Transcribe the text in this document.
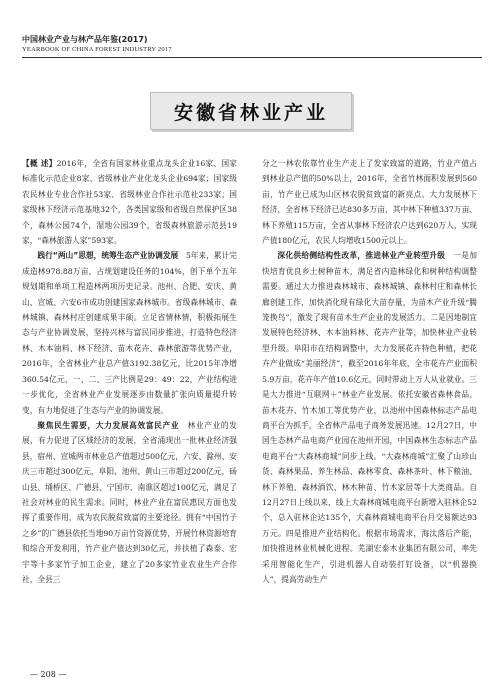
中国林业产业与林产品年鉴(2017)
YEARBOOK OF CHINA FOREST INDUSTRY 2017
安徽省林业产业

【概 述】2016年，全省有国家林业重点龙头企业16家、国家标准化示范企业8家、省级林业产业化龙头企业694家；国家级农民林业专业合作社53家、省级林业合作社示范社233家；国家级林下经济示范基地32个，各类国家级和省级自然保护区38个，森林公园74个，湿地公园39个，省级森林旅游示范县19家，“森林旅游人家”593家。

践行“两山”思想，统筹生态产业协调发展　 5年来，累计完成造林978.88万亩，占规划建设任务的104%，创下单个五年规划期和单项工程造林两项历史记录。池州、合肥、安庆、黄山、宣城、六安6市成功创建国家森林城市。省级森林城市、森林城镇、森林村庄创建成果丰硕。立足省情林情，积极拓展生态与产业协调发展，坚持兴林与富民同步推进，打造特色经济林、木本油料、林下经济、苗木花卉、森林旅游等优势产业，2016年，全省林业产业总产值3192.38亿元，比2015年净增360.54亿元，一、二、三产比例是29：49：22，产业结构进一步优化，全省林业产业发展逐步由数量扩张向质量提升转变，有力地促进了生态与产业的协调发展。

聚焦民生需要，大力发展高效富民产业　 林业产业的发展，有力促进了区域经济的发展，全省涌现出一批林业经济强县，宿州、宣城两市林业总产值超过500亿元，六安、滁州、安庆三市超过300亿元，阜阳、池州、黄山三市超过200亿元，砀山县、埇桥区、广德县、宁国市、南谯区超过100亿元，满足了社会对林业的民生需求。同时，林业产业在富民惠民方面也发挥了重要作用，成为农民脱贫致富的主要途径。拥有“中国竹子之乡”的广德县依托当地90万亩竹资源优势，开展竹林资源培育和综合开发利用，竹产业产值达到30亿元，并扶植了森泰、宏宇等十多家竹子加工企业，建立了20多家竹业农业生产合作社，全县三

分之一林农依靠竹业生产走上了发家致富的道路，竹业产值占到林业总产值的50%以上，2016年，全省竹林面积发展到560亩，竹产业已成为山区林农脱贫致富的新亮点。大力发展林下经济，全省林下经济已达830多万亩，其中林下种植337万亩、林下养殖115万亩，全省从事林下经济农户达到620万人，实现产值180亿元，农民人均增收1500元以上。

深化供给侧结构性改革，推进林业产业转型升级　 一是加快培育优良乡土树种苗木，满足省内造林绿化和树种结构调整需要。通过大力推进森林城市、森林城镇、森林村庄和森林长廊创建工作，加快消化现有绿化大苗存量，为苗木产业升级“腾笼换鸟”，激发了现有苗木生产企业的发展活力。二是因地制宜发展特色经济林、木本油料林、花卉产业等，加快林业产业转型升级。阜阳市在结构调整中，大力发展花卉特色种植，把花卉产业做成“美丽经济”，截至2016年年底，全市花卉产业面积5.9万亩，花卉年产值10.6亿元，同时带动上万人从业就业。三是大力推进“互联网＋”林业产业发展。依托安徽省森林食品、苗木花卉、竹木加工等优势产业，以池州中国森林标志产品电商平台为抓手，全省林产品电子商务发展迅速。12月27日，中国生态林产品电商产业园在池州开园，中国森林生态标志产品电商平台“大森林商城”同步上线。“大森林商城”汇聚了山珍山货、森林果品、养生林品、森林零食、森林茶叶、林下粮油、林下养殖、森林酒饮、林木种苗、竹木家居等十大类商品。自12月27日上线以来，线上大森林商城电商平台新增入驻林企52个，总入驻林企达135个，大森林商城电商平台月交易额达93万元。四是推进产业结构化。根据市场需求，海汰落后产能，加快推进林业机械化进程。芜湖宏泰木业集团有限公司，率先采用智能化生产，引进机器人自动装打钉设备，以“机器换人”，提高劳动生产

— 208 —
